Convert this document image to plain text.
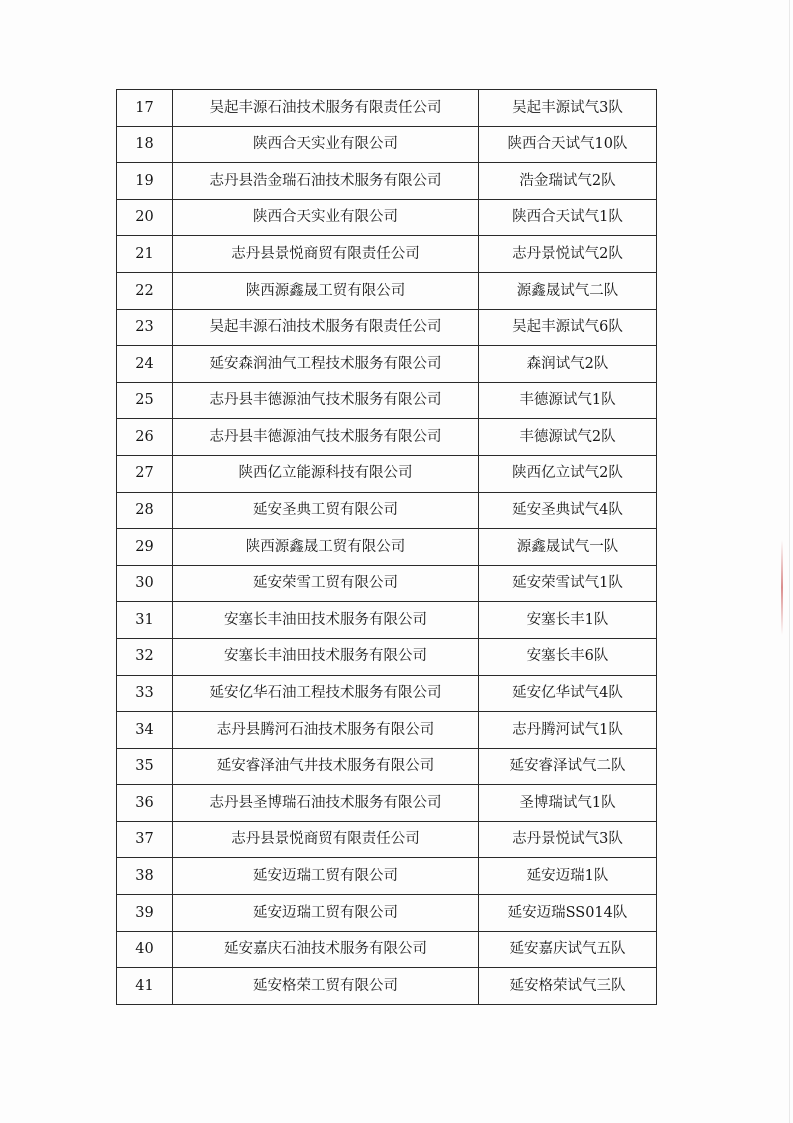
17	吴起丰源石油技术服务有限责任公司	吴起丰源试气3队
18	陕西合天实业有限公司	陕西合天试气10队
19	志丹县浩金瑞石油技术服务有限公司	浩金瑞试气2队
20	陕西合天实业有限公司	陕西合天试气1队
21	志丹县景悦商贸有限责任公司	志丹景悦试气2队
22	陕西源鑫晟工贸有限公司	源鑫晟试气二队
23	吴起丰源石油技术服务有限责任公司	吴起丰源试气6队
24	延安森润油气工程技术服务有限公司	森润试气2队
25	志丹县丰德源油气技术服务有限公司	丰德源试气1队
26	志丹县丰德源油气技术服务有限公司	丰德源试气2队
27	陕西亿立能源科技有限公司	陕西亿立试气2队
28	延安圣典工贸有限公司	延安圣典试气4队
29	陕西源鑫晟工贸有限公司	源鑫晟试气一队
30	延安荣雪工贸有限公司	延安荣雪试气1队
31	安塞长丰油田技术服务有限公司	安塞长丰1队
32	安塞长丰油田技术服务有限公司	安塞长丰6队
33	延安亿华石油工程技术服务有限公司	延安亿华试气4队
34	志丹县腾河石油技术服务有限公司	志丹腾河试气1队
35	延安睿泽油气井技术服务有限公司	延安睿泽试气二队
36	志丹县圣博瑞石油技术服务有限公司	圣博瑞试气1队
37	志丹县景悦商贸有限责任公司	志丹景悦试气3队
38	延安迈瑞工贸有限公司	延安迈瑞1队
39	延安迈瑞工贸有限公司	延安迈瑞SS014队
40	延安嘉庆石油技术服务有限公司	延安嘉庆试气五队
41	延安格荣工贸有限公司	延安格荣试气三队
